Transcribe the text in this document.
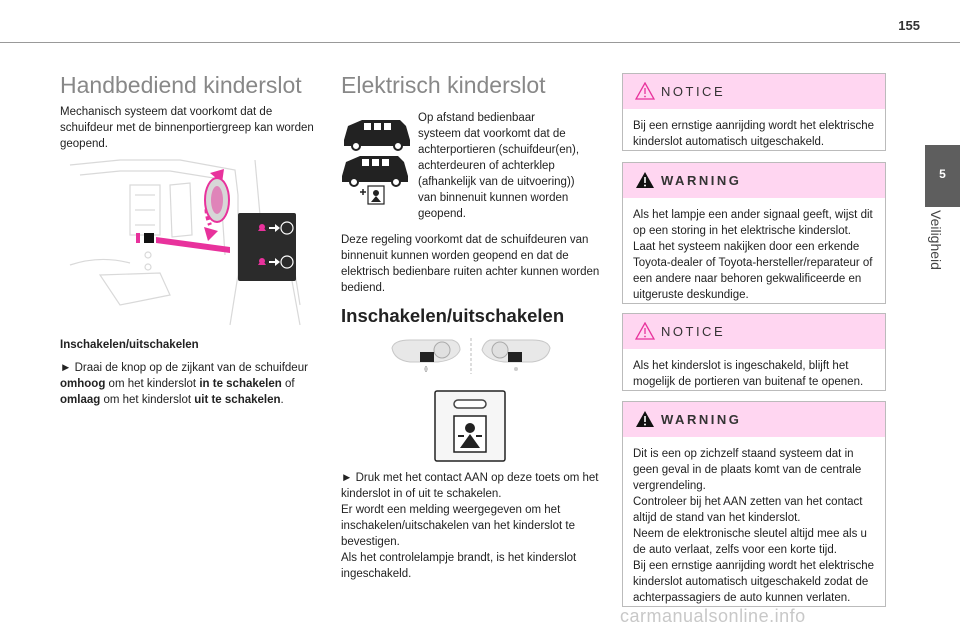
155
5
Veiligheid
Handbediend kinderslot

Mechanisch systeem dat voorkomt dat de

schuifdeur met de binnenportiergreep kan worden

geopend.

Inschakelen/uitschakelen

► Draai de knop op de zijkant van de schuifdeur

omhoog om het kinderslot in te schakelen of

omlaag om het kinderslot uit te schakelen.

Elektrisch kinderslot

Op afstand bedienbaar

systeem dat voorkomt dat de

achterportieren (schuifdeur(en),

achterdeuren of achterklep

(afhankelijk van de uitvoering))

van binnenuit kunnen worden

geopend.

Deze regeling voorkomt dat de schuifdeuren van

binnenuit kunnen worden geopend en dat de

elektrisch bedienbare ruiten achter kunnen worden

bediend.

Inschakelen/uitschakelen

► Druk met het contact AAN op deze toets om het

kinderslot in of uit te schakelen.

Er wordt een melding weergegeven om het

inschakelen/uitschakelen van het kinderslot te

bevestigen.

Als het controlelampje brandt, is het kinderslot

ingeschakeld.

NOTICE
Bij een ernstige aanrijding wordt het elektrische
kinderslot automatisch uitgeschakeld.
WARNING
Als het lampje een ander signaal geeft, wijst dit
op een storing in het elektrische kinderslot.
Laat het systeem nakijken door een erkende
Toyota-dealer of Toyota-hersteller/reparateur of
een andere naar behoren gekwalificeerde en
uitgeruste deskundige.
NOTICE
Als het kinderslot is ingeschakeld, blijft het
mogelijk de portieren van buitenaf te openen.
WARNING
Dit is een op zichzelf staand systeem dat in
geen geval in de plaats komt van de centrale
vergrendeling.
Controleer bij het AAN zetten van het contact
altijd de stand van het kinderslot.
Neem de elektronische sleutel altijd mee als u
de auto verlaat, zelfs voor een korte tijd.
Bij een ernstige aanrijding wordt het elektrische
kinderslot automatisch uitgeschakeld zodat de
achterpassagiers de auto kunnen verlaten.
carmanualsonline.info
